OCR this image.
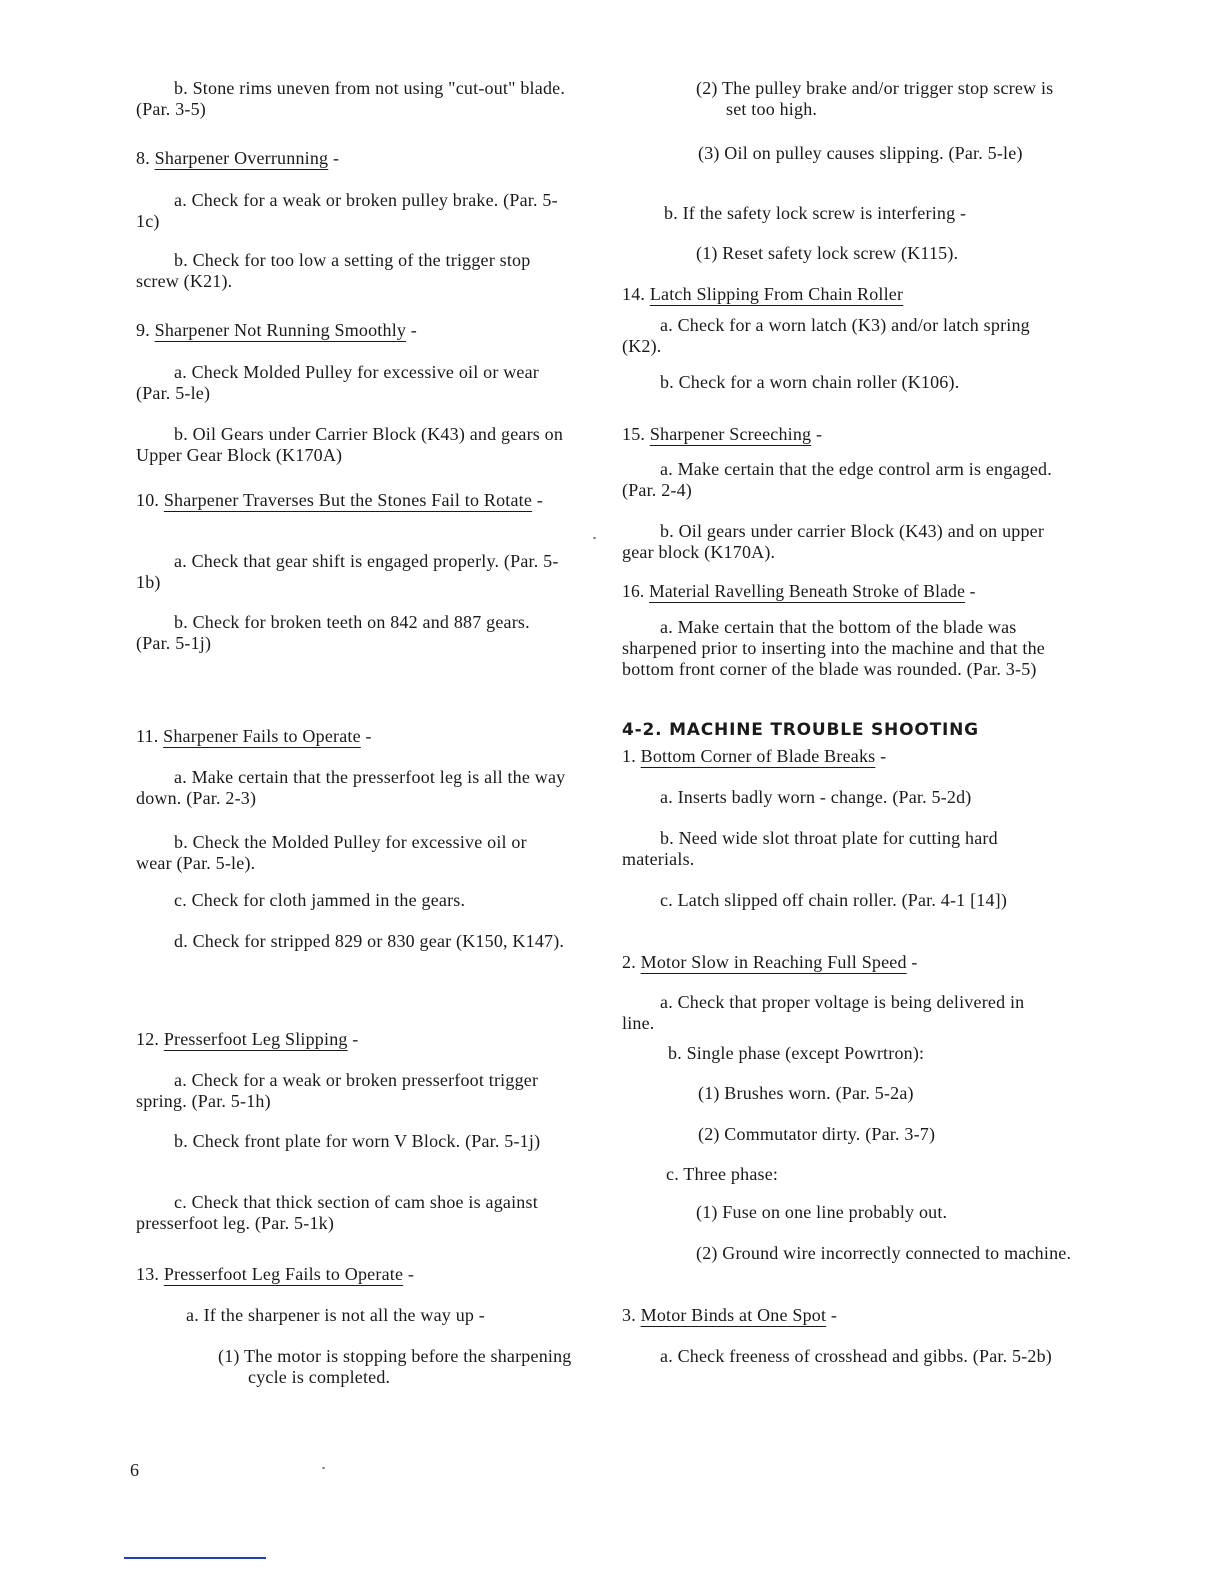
b. Stone rims uneven from not using "cut-out" blade. (Par. 3-5)
8. Sharpener Overrunning -
a. Check for a weak or broken pulley brake. (Par. 5-1c)
b. Check for too low a setting of the trigger stop screw (K21).
9. Sharpener Not Running Smoothly -
a. Check Molded Pulley for excessive oil or wear (Par. 5-le)
b. Oil Gears under Carrier Block (K43) and gears on Upper Gear Block (K170A)
10. Sharpener Traverses But the Stones Fail to Rotate -
a. Check that gear shift is engaged properly. (Par. 5-1b)
b. Check for broken teeth on 842 and 887 gears. (Par. 5-1j)
11. Sharpener Fails to Operate -
a. Make certain that the presserfoot leg is all the way down. (Par. 2-3)
b. Check the Molded Pulley for excessive oil or wear (Par. 5-le).
c. Check for cloth jammed in the gears.
d. Check for stripped 829 or 830 gear (K150, K147).
12. Presserfoot Leg Slipping -
a. Check for a weak or broken presserfoot trigger spring. (Par. 5-1h)
b. Check front plate for worn V Block. (Par. 5-1j)
c. Check that thick section of cam shoe is against presserfoot leg. (Par. 5-1k)
13. Presserfoot Leg Fails to Operate -
a. If the sharpener is not all the way up -
(1) The motor is stopping before the sharpening cycle is completed.
(2) The pulley brake and/or trigger stop screw is set too high.
(3) Oil on pulley causes slipping. (Par. 5-le)
b. If the safety lock screw is interfering -
(1) Reset safety lock screw (K115).
14. Latch Slipping From Chain Roller
a. Check for a worn latch (K3) and/or latch spring (K2).
b. Check for a worn chain roller (K106).
15. Sharpener Screeching -
a. Make certain that the edge control arm is engaged. (Par. 2-4)
b. Oil gears under carrier Block (K43) and on upper gear block (K170A).
16. Material Ravelling Beneath Stroke of Blade -
a. Make certain that the bottom of the blade was sharpened prior to inserting into the machine and that the bottom front corner of the blade was rounded. (Par. 3-5)
4-2. MACHINE TROUBLE SHOOTING
1. Bottom Corner of Blade Breaks -
a. Inserts badly worn - change. (Par. 5-2d)
b. Need wide slot throat plate for cutting hard materials.
c. Latch slipped off chain roller. (Par. 4-1 [14])
2. Motor Slow in Reaching Full Speed -
a. Check that proper voltage is being delivered in line.
b. Single phase (except Powrtron):
(1) Brushes worn. (Par. 5-2a)
(2) Commutator dirty. (Par. 3-7)
c. Three phase:
(1) Fuse on one line probably out.
(2) Ground wire incorrectly connected to machine.
3. Motor Binds at One Spot -
a. Check freeness of crosshead and gibbs. (Par. 5-2b)
6
